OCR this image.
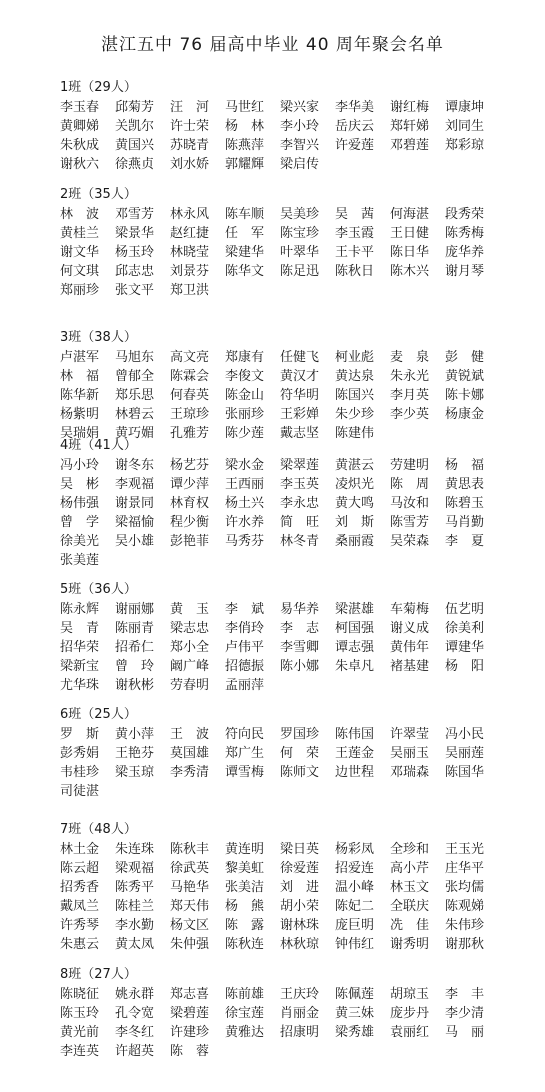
湛江五中 76 届高中毕业 40 周年聚会名单
1班（29人）
李玉春	邱菊芳	汪　河	马世红	梁兴家	李华美	谢红梅	谭康坤
黄卿娣	关凯尔	许士荣	杨　林	李小玲	岳庆云	郑轩娣	刘同生
朱秋成	黄国兴	苏晓青	陈燕萍	李智兴	许爱莲	邓碧莲	郑彩琼
谢秋六	徐燕贞	刘水娇	郭耀輝	梁启传
2班（35人）
林　波	邓雪芳	林永风	陈车顺	吴美珍	吴　茜	何海湛	段秀荣
黄桂兰	梁景华	赵红捷	任　军	陈宝珍	李玉霞	王日健	陈秀梅
谢文华	杨玉玲	林晓莹	梁建华	叶翠华	王卡平	陈日华	庞华养
何文琪	邱志忠	刘景芬	陈华文	陈足迅	陈秋日	陈木兴	谢月琴
郑丽珍	张文平	郑卫洪
3班（38人）
卢湛军	马旭东	高文亮	郑康有	任健飞	柯业彪	麦　泉	彭　健
林　福	曾郁全	陈霖会	李俊文	黄汉才	黄达泉	朱永光	黄锐斌
陈华新	郑乐思	何春英	陈金山	符华明	陈国兴	李月英	陈卡娜
杨紫明	林碧云	王琼珍	张丽珍	王彩婵	朱少珍	李少英	杨康金
吴瑞娟	黄巧媚	孔雅芳	陈少莲	戴志坚	陈建伟
4班（41人）
冯小玲	谢冬东	杨艺芬	梁水金	梁翠莲	黄湛云	劳建明	杨　福
吴　彬	李观福	谭少萍	王西丽	李玉英	凌炽光	陈　周	黄思表
杨伟强	谢景同	林育权	杨土兴	李永忠	黄大鸣	马汝和	陈碧玉
曾　学	梁福愉	程少衡	许水养	简　旺	刘　斯	陈雪芳	马肖勤
徐美光	吴小雄	彭艳菲	马秀芬	林冬青	桑丽霞	吴荣森	李　夏
张美莲
5班（36人）
陈永辉	谢丽娜	黄　玉	李　斌	易华养	梁湛雄	车菊梅	伍艺明
吴　青	陈丽青	梁志忠	李俏玲	李　志	柯国强	谢义成	徐美利
招华荣	招希仁	郑小全	卢伟平	李雪卿	谭志强	黄伟年	谭建华
梁新宝	曾　玲	阚广峰	招德振	陈小娜	朱卓凡	褚基建	杨　阳
尤华珠	谢秋彬	劳春明	孟丽萍
6班（25人）
罗　斯	黄小萍	王　波	符向民	罗国珍	陈伟国	许翠莹	冯小民
彭秀娟	王艳芬	莫国雄	郑广生	何　荣	王莲金	吴丽玉	吴丽莲
韦桂珍	梁玉琼	李秀清	谭雪梅	陈师文	边世程	邓瑞森	陈国华
司徒湛
7班（48人）
林土金	朱连珠	陈秋丰	黄连明	梁日英	杨彩凤	全珍和	王玉光
陈云超	梁观福	徐武英	黎美虹	徐爱莲	招爱连	高小芹	庄华平
招秀香	陈秀平	马艳华	张美洁	刘　进	温小峰	林玉文	张均儒
戴凤兰	陈桂兰	郑天伟	杨　熊	胡小荣	陈妃二	全联庆	陈观娣
许秀琴	李水勤	杨文区	陈　露	谢林珠	庞巨明	冼　佳	朱伟珍
朱惠云	黄太凤	朱仲强	陈秋连	林秋琼	钟伟红	谢秀明	谢那秋
8班（27人）
陈晓征	姚永群	郑志喜	陈前雄	王庆玲	陈佩莲	胡琼玉	李　丰
陈玉玲	孔令宽	梁碧莲	徐宝莲	肖丽金	黄三妹	庞步丹	李少清
黄光前	李冬红	许建珍	黄雅达	招康明	梁秀雄	袁丽红	马　丽
李连英	许超英	陈　蓉
